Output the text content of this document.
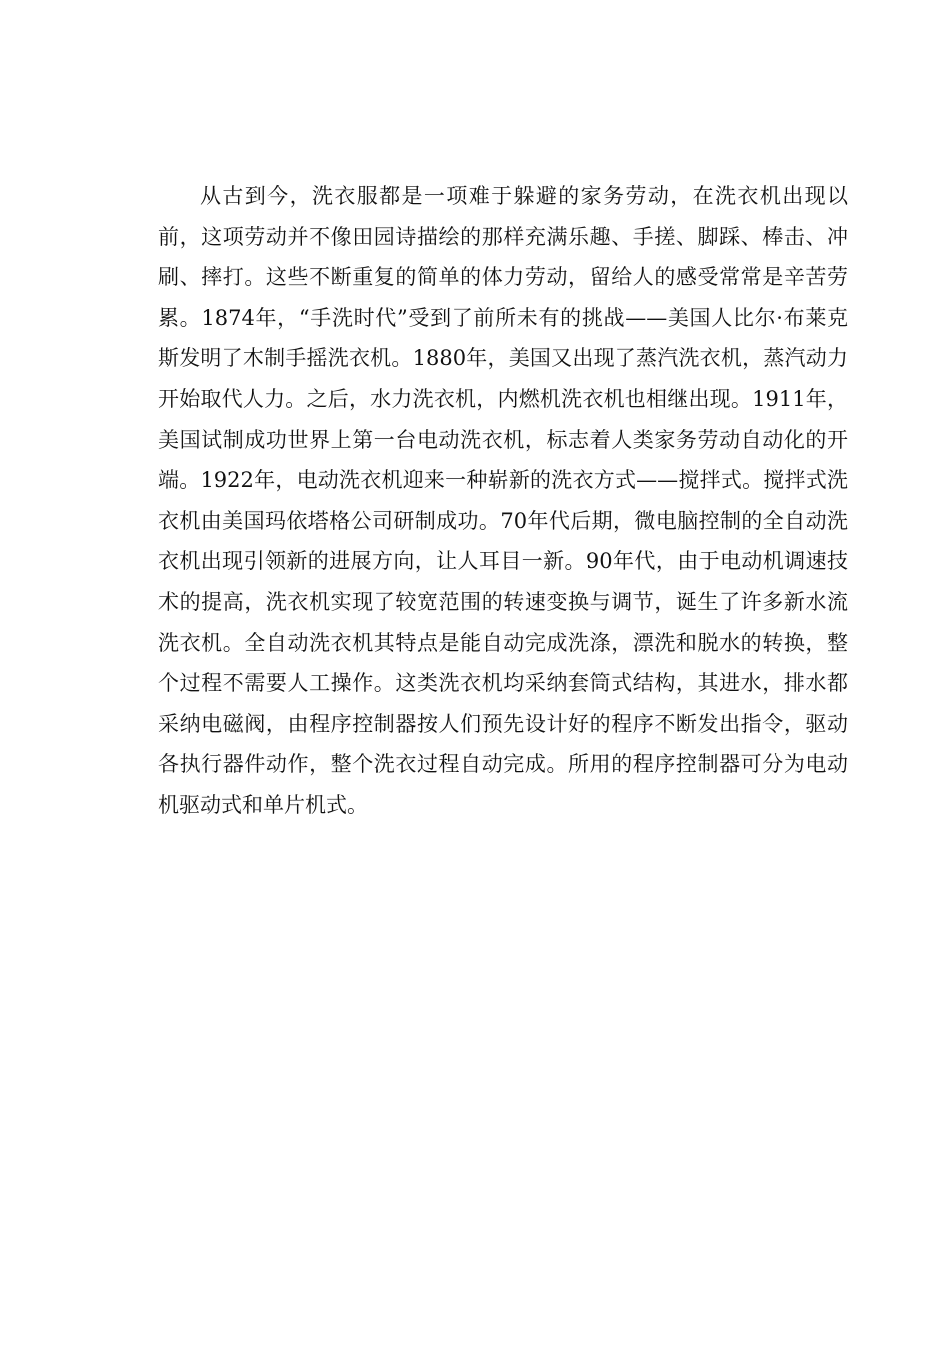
从古到今，洗衣服都是一项难于躲避的家务劳动，在洗衣机出现以前，这项劳动并不像田园诗描绘的那样充满乐趣、手搓、脚踩、棒击、冲刷、摔打。这些不断重复的简单的体力劳动，留给人的感受常常是辛苦劳累。1874年，“手洗时代”受到了前所未有的挑战——美国人比尔·布莱克斯发明了木制手摇洗衣机。1880年，美国又出现了蒸汽洗衣机，蒸汽动力开始取代人力。之后，水力洗衣机，内燃机洗衣机也相继出现。1911年，美国试制成功世界上第一台电动洗衣机，标志着人类家务劳动自动化的开端。1922年，电动洗衣机迎来一种崭新的洗衣方式——搅拌式。搅拌式洗衣机由美国玛依塔格公司研制成功。70年代后期，微电脑控制的全自动洗衣机出现引领新的进展方向，让人耳目一新。90年代，由于电动机调速技术的提高，洗衣机实现了较宽范围的转速变换与调节，诞生了许多新水流洗衣机。全自动洗衣机其特点是能自动完成洗涤，漂洗和脱水的转换，整个过程不需要人工操作。这类洗衣机均采纳套筒式结构，其进水，排水都采纳电磁阀，由程序控制器按人们预先设计好的程序不断发出指令，驱动各执行器件动作，整个洗衣过程自动完成。所用的程序控制器可分为电动机驱动式和单片机式。
